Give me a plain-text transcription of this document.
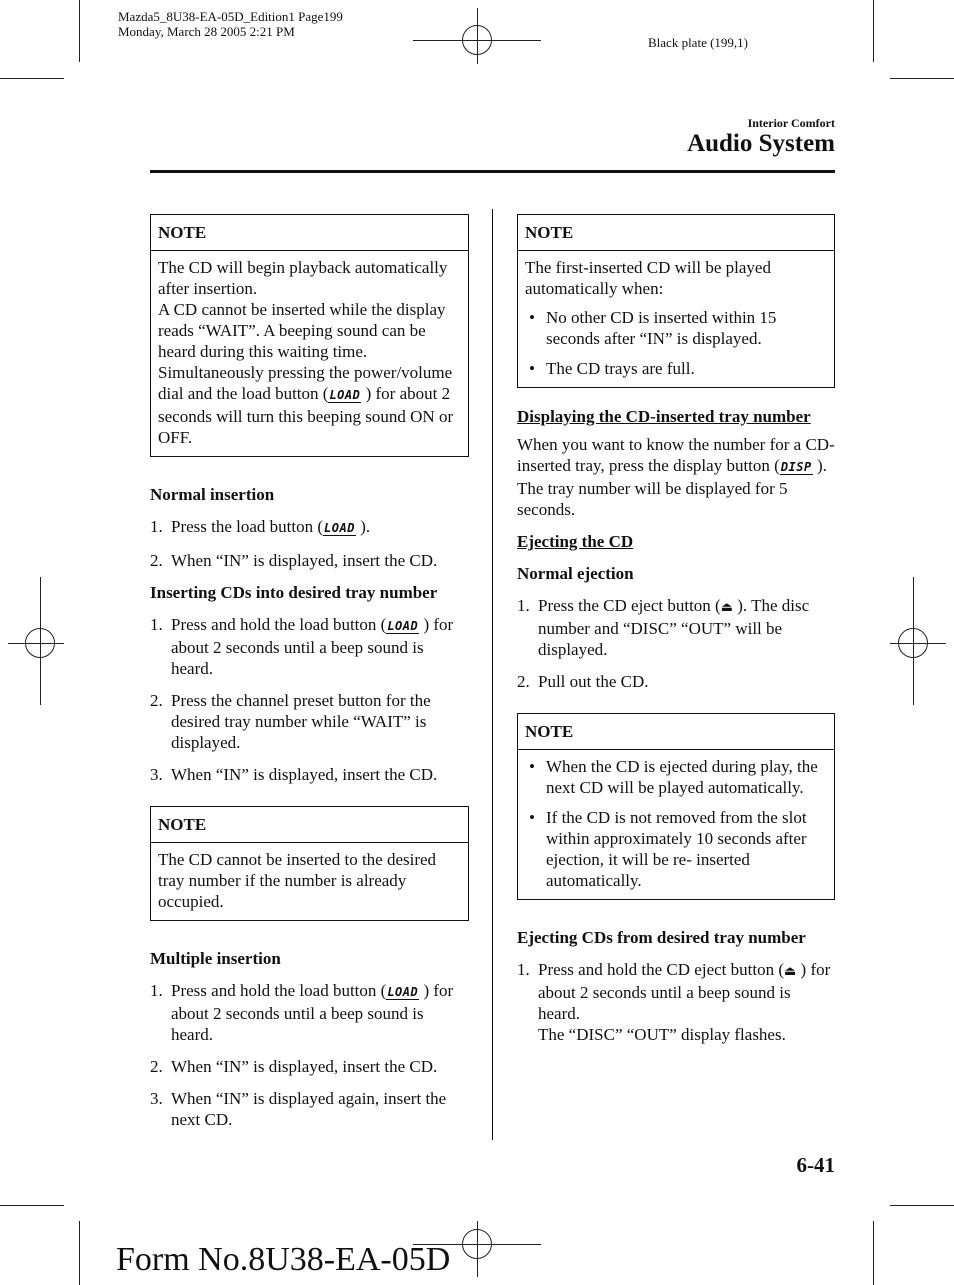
Mazda5_8U38-EA-05D_Edition1 Page199
Monday, March 28 2005 2:21 PM
Black plate (199,1)
Interior Comfort
Audio System
NOTE

The CD will begin playback automatically after insertion.

A CD cannot be inserted while the display reads “WAIT”. A beeping sound can be heard during this waiting time. Simultaneously pressing the power/volume dial and the load button (LOAD ) for about 2 seconds will turn this beeping sound ON or OFF.

Normal insertion
1. Press the load button (LOAD ).
2. When “IN” is displayed, insert the CD.
Inserting CDs into desired tray number
1. Press and hold the load button (LOAD ) for about 2 seconds until a beep sound is heard.
2. Press the channel preset button for the desired tray number while “WAIT” is displayed.
3. When “IN” is displayed, insert the CD.
NOTE

The CD cannot be inserted to the desired tray number if the number is already occupied.

Multiple insertion
1. Press and hold the load button (LOAD ) for about 2 seconds until a beep sound is heard.
2. When “IN” is displayed, insert the CD.
3. When “IN” is displayed again, insert the next CD.
NOTE

The first-inserted CD will be played automatically when:

• No other CD is inserted within 15 seconds after “IN” is displayed.
• The CD trays are full.
Displaying the CD-inserted tray number

When you want to know the number for a CD-inserted tray, press the display button (DISP ). The tray number will be displayed for 5 seconds.

Ejecting the CD
Normal ejection
1. Press the CD eject button (⏏ ). The disc number and “DISC” “OUT” will be displayed.
2. Pull out the CD.
NOTE
• When the CD is ejected during play, the next CD will be played automatically.
• If the CD is not removed from the slot within approximately 10 seconds after ejection, it will be re- inserted automatically.
Ejecting CDs from desired tray number
1. Press and hold the CD eject button (⏏ ) for about 2 seconds until a beep sound is heard.
The “DISC” “OUT” display flashes.
6-41
Form No.8U38-EA-05D
